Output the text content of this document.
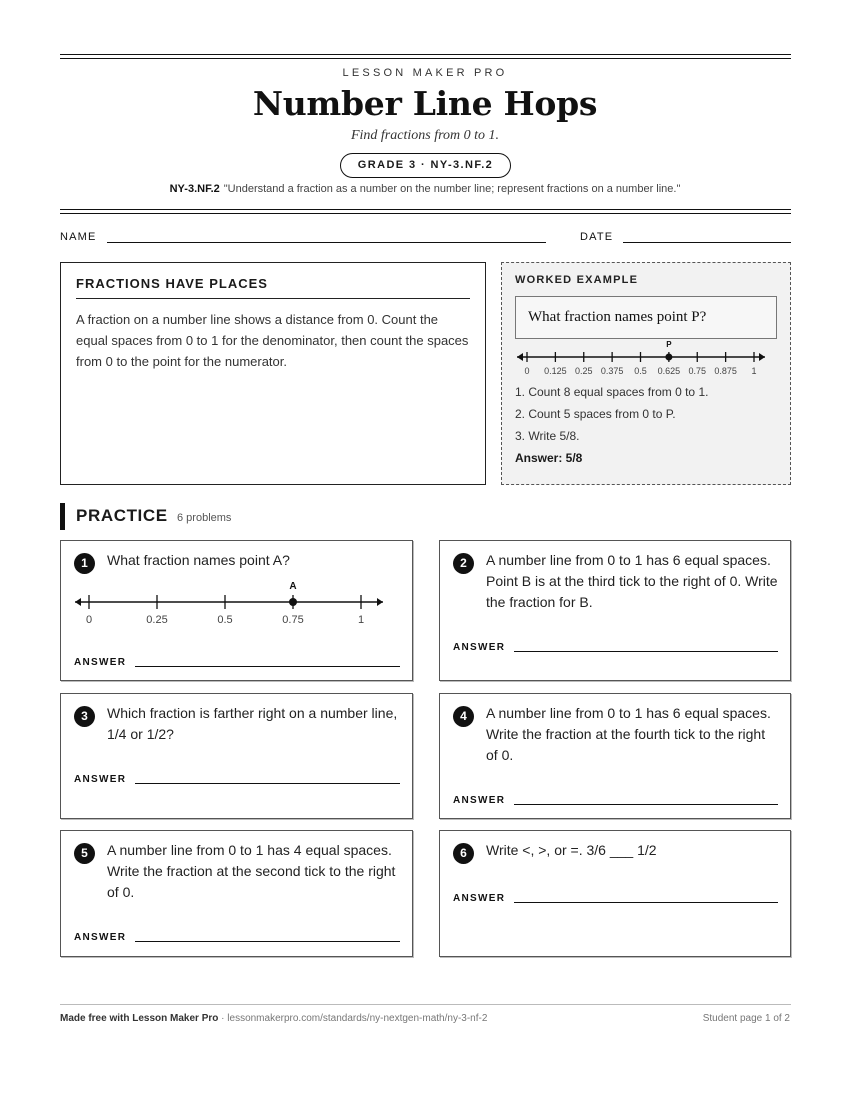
LESSON MAKER PRO
Number Line Hops
Find fractions from 0 to 1.
GRADE 3 · NY-3.NF.2
NY-3.NF.2 "Understand a fraction as a number on the number line; represent fractions on a number line."
NAME	DATE
FRACTIONS HAVE PLACES
A fraction on a number line shows a distance from 0. Count the equal spaces from 0 to 1 for the denominator, then count the spaces from 0 to the point for the numerator.
WORKED EXAMPLE
What fraction names point P?
0 0.125 0.25 0.375 0.5 0.625 0.75 0.875 1
P
1. Count 8 equal spaces from 0 to 1.
2. Count 5 spaces from 0 to P.
3. Write 5/8.
Answer: 5/8
PRACTICE 6 problems
1	What fraction names point A?
0	0.25	0.5	0.75	1
A
ANSWER
2	A number line from 0 to 1 has 6 equal spaces. Point B is at the third tick to the right of 0. Write the fraction for B.
ANSWER
3	Which fraction is farther right on a number line, 1/4 or 1/2?
ANSWER
4	A number line from 0 to 1 has 6 equal spaces. Write the fraction at the fourth tick to the right of 0.
ANSWER
5	A number line from 0 to 1 has 4 equal spaces. Write the fraction at the second tick to the right of 0.
ANSWER
6	Write <, >, or =. 3/6 ___ 1/2
ANSWER
Made free with Lesson Maker Pro · lessonmakerpro.com/standards/ny-nextgen-math/ny-3-nf-2	Student page 1 of 2
